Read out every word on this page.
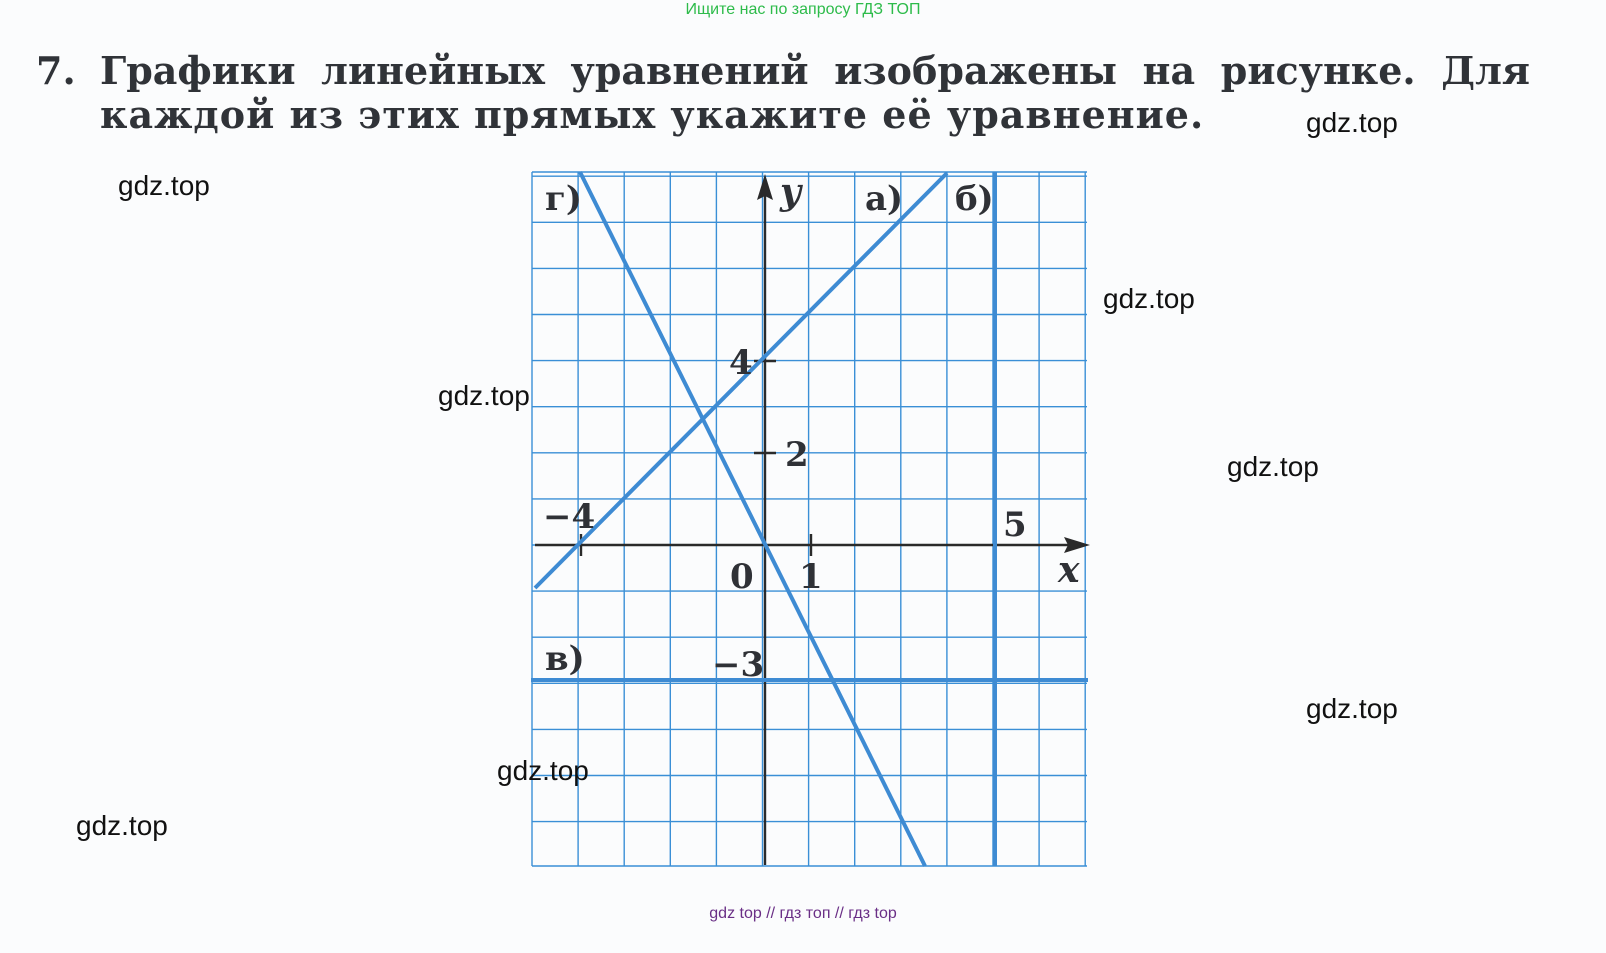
Ищите нас по запросу ГДЗ ТОП
7. Графики линейных уравнений изображены на рисунке. Для
каждой из этих прямых укажите её уравнение.
г)	а) б)
в)
y
x
0 1
5
−4
2
4
−3
gdz.top
gdz.top
gdz.top
gdz.top
gdz.top
gdz.top
gdz.top
gdz.top
gdz top // гдз топ // гдз top
